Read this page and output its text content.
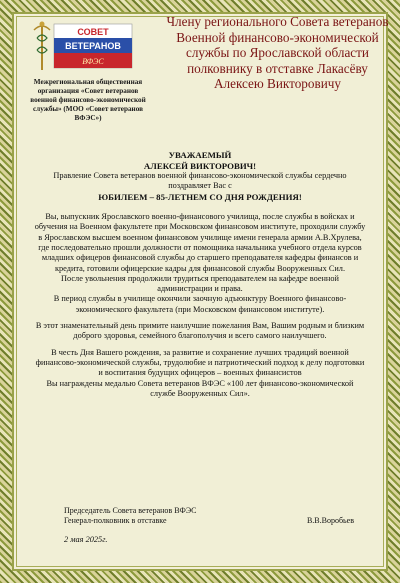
СОВЕТ
ВЕТЕРАНОВ
ВФЭС
Межрегиональная общественная организация «Совет ветеранов военной финансово-экономической службы» (МОО «Совет ветеранов ВФЭС»)
Члену регионального Совета ветеранов Военной финансово-экономической службы по Ярославской области полковнику в отставке Лакасёву Алексею Викторовичу

УВАЖАЕМЫЙ

АЛЕКСЕЙ ВИКТОРОВИЧ!

Правление Совета ветеранов военной финансово-экономической службы сердечно поздравляет Вас с

ЮБИЛЕЕМ – 85-ЛЕТНЕМ СО ДНЯ РОЖДЕНИЯ!

Вы, выпускник Ярославского военно-финансового училища, после службы в войсках и обучения на Военном факультете при Московском финансовом институте, проходили службу в Ярославском высшем военном финансовом училище имени генерала армии А.В.Хрулева,

где последовательно прошли должности от помощника начальника учебного отдела курсов младших офицеров финансовой службы до старшего преподавателя кафедры финансов и кредита, готовили офицерские кадры для финансовой службы Вооруженных Сил.

После увольнения продолжили трудиться преподавателем на кафедре военной администрации и права.

В период службы в училище окончили заочную адъюнктуру Военного финансово-экономического факультета (при Московском финансовом институте).

В этот знаменательный день примите наилучшие пожелания Вам, Вашим родным и близким доброго здоровья, семейного благополучия и всего самого наилучшего.

В честь Дня Вашего рождения, за развитие и сохранение лучших традиций военной финансово-экономической службы, трудолюбие и патриотический подход к делу подготовки и воспитания будущих офицеров – военных финансистов

Вы награждены медалью Совета ветеранов ВФЭС «100 лет финансово-экономической службе Вооруженных Сил».

Председатель Совета ветеранов ВФЭС
Генерал-полковник в отставке	В.В.Воробьев
2 мая 2025г.
